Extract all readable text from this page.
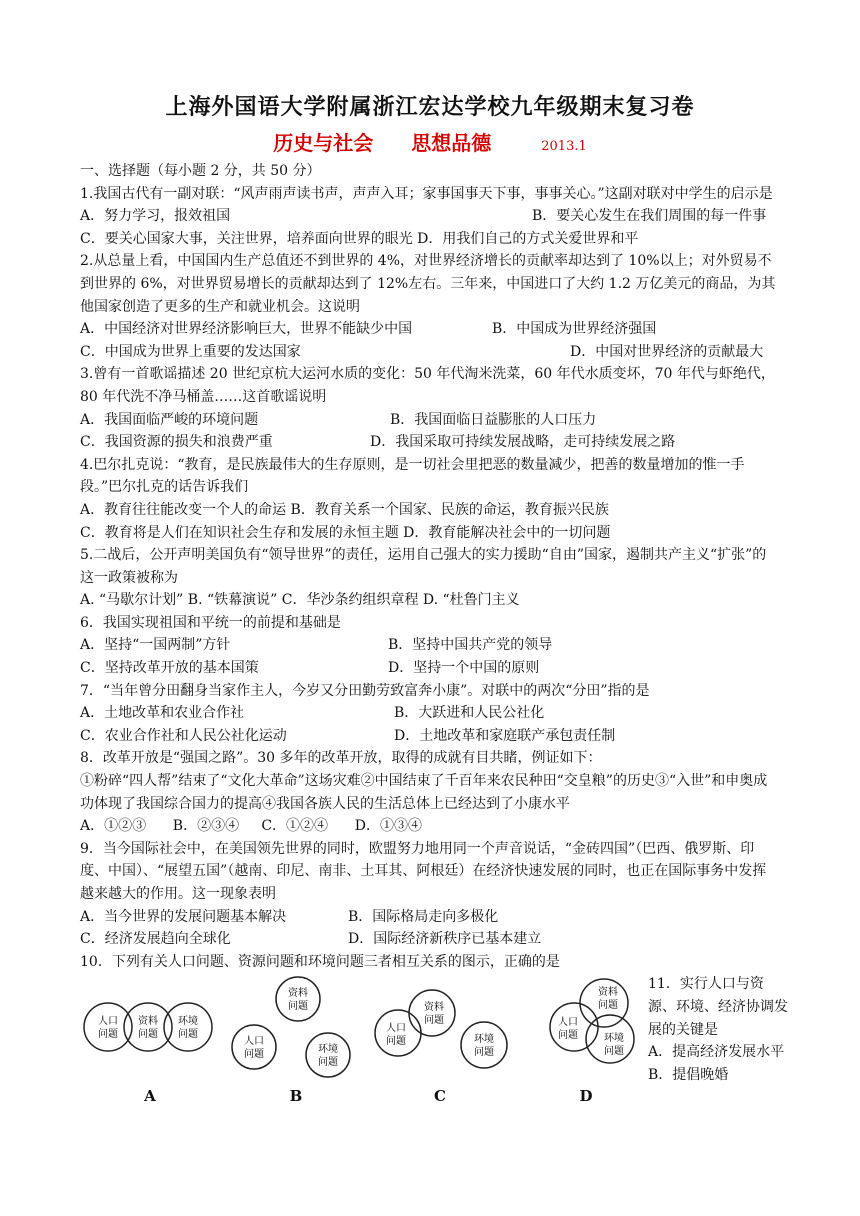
上海外国语大学附属浙江宏达学校九年级期末复习卷
历史与社会 思想品德	2013.1
一、选择题（每小题 2 分，共 50 分）
1.我国古代有一副对联：“风声雨声读书声，声声入耳；家事国事天下事，事事关心。”这副对联对中学生的启示是
A．努力学习，报效祖国	B．要关心发生在我们周围的每一件事
C．要关心国家大事，关注世界，培养面向世界的眼光 D．用我们自己的方式关爱世界和平
2.从总量上看，中国国内生产总值还不到世界的 4%，对世界经济增长的贡献率却达到了 10%以上；对外贸易不到世界的 6%，对世界贸易增长的贡献却达到了 12%左右。三年来，中国进口了大约 1.2 万亿美元的商品，为其他国家创造了更多的生产和就业机会。这说明
A．中国经济对世界经济影响巨大，世界不能缺少中国	B．中国成为世界经济强国
C．中国成为世界上重要的发达国家	D．中国对世界经济的贡献最大
3.曾有一首歌谣描述 20 世纪京杭大运河水质的变化：50 年代淘米洗菜，60 年代水质变坏，70 年代与虾绝代，80 年代洗不净马桶盖……这首歌谣说明
A．我国面临严峻的环境问题	B．我国面临日益膨胀的人口压力
C．我国资源的损失和浪费严重	D．我国采取可持续发展战略，走可持续发展之路
4.巴尔扎克说：“教育，是民族最伟大的生存原则，是一切社会里把恶的数量减少，把善的数量增加的惟一手段。”巴尔扎克的话告诉我们
A．教育往往能改变一个人的命运 B．教育关系一个国家、民族的命运，教育振兴民族
C．教育将是人们在知识社会生存和发展的永恒主题 D．教育能解决社会中的一切问题
5.二战后，公开声明美国负有“领导世界”的责任，运用自己强大的实力援助“自由”国家，遏制共产主义“扩张”的这一政策被称为
A. “马歇尔计划” B. “铁幕演说” C．华沙条约组织章程 D. “杜鲁门主义
6．我国实现祖国和平统一的前提和基础是
A．坚持“一国两制”方针	B．坚持中国共产党的领导
C．坚持改革开放的基本国策	D．坚持一个中国的原则
7．“当年曾分田翻身当家作主人，今岁又分田勤劳致富奔小康”。对联中的两次“分田”指的是
A．土地改革和农业合作社	B．大跃进和人民公社化
C．农业合作社和人民公社化运动	D．土地改革和家庭联产承包责任制
8．改革开放是“强国之路”。30 多年的改革开放，取得的成就有目共睹，例证如下：
①粉碎“四人帮”结束了“文化大革命”这场灾难②中国结束了千百年来农民种田“交皇粮”的历史③“入世”和申奥成功体现了我国综合国力的提高④我国各族人民的生活总体上已经达到了小康水平
A．①②③      B．②③④     C．①②④      D．①③④
9．当今国际社会中，在美国领先世界的同时，欧盟努力地用同一个声音说话，“金砖四国”（巴西、俄罗斯、印度、中国）、“展望五国”（越南、印尼、南非、土耳其、阿根廷）在经济快速发展的同时，也正在国际事务中发挥越来越大的作用。这一现象表明
A．当今世界的发展问题基本解决	B．国际格局走向多极化
C．经济发展趋向全球化	D．国际经济新秩序已基本建立
10．下列有关人口问题、资源问题和环境问题三者相互关系的图示，正确的是
人口
问题
资料
问题
环境
问题
A
资料
问题
人口
问题	环境
问题
B
人口
问题
资料
问题
环境
问题
C
资料
问题
人口
问题	环境
问题
D
11．实行人口与资源、环境、经济协调发展的关键是
A．提高经济发展水平 B．提倡晚婚
